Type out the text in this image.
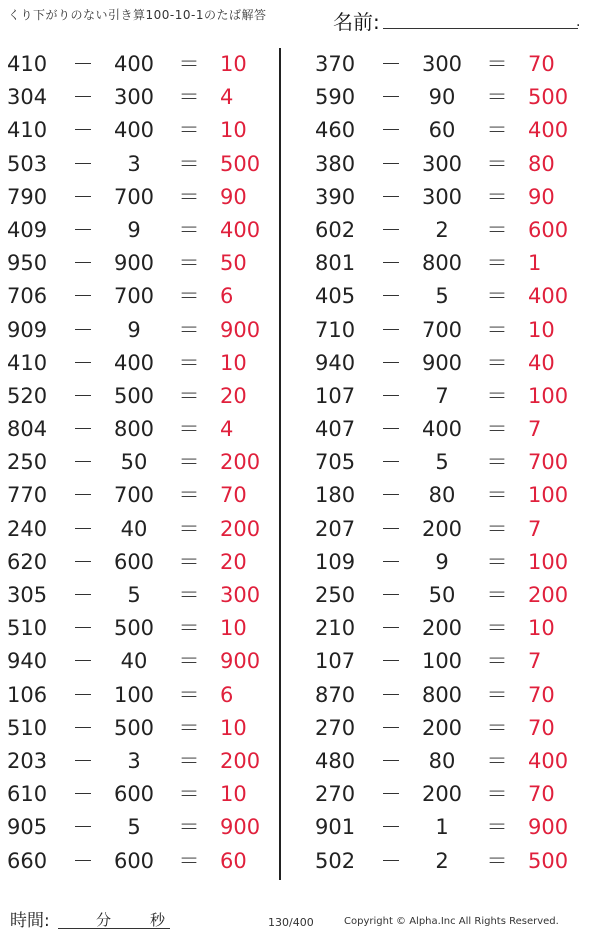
くり下がりのない引き算100-10-1のたば解答	名前:	.
410	－ 400	＝ 10
304	－ 300	＝ 4
410	－ 400	＝ 10
503	－	3	＝ 500
790	－ 700	＝ 90
409	－	9	＝ 400
950	－ 900	＝ 50
706	－ 700	＝ 6
909	－	9	＝ 900
410	－ 400	＝ 10
520	－ 500	＝ 20
804	－ 800	＝ 4
250	－	50	＝ 200
770	－ 700	＝ 70
240	－	40	＝ 200
620	－ 600	＝ 20
305	－	5	＝ 300
510	－ 500	＝ 10
940	－	40	＝ 900
106	－ 100	＝ 6
510	－ 500	＝ 10
203	－	3	＝ 200
610	－ 600	＝ 10
905	－	5	＝ 900
660	－ 600	＝ 60
370	－ 300	＝ 70
590	－	90	＝ 500
460	－	60	＝ 400
380	－ 300	＝ 80
390	－ 300	＝ 90
602	－	2	＝ 600
801	－ 800	＝ 1
405	－	5	＝ 400
710	－ 700	＝ 10
940	－ 900	＝ 40
107	－	7	＝ 100
407	－ 400	＝ 7
705	－	5	＝ 700
180	－	80	＝ 100
207	－ 200	＝ 7
109	－	9	＝ 100
250	－	50	＝ 200
210	－ 200	＝ 10
107	－ 100	＝ 7
870	－ 800	＝ 70
270	－ 200	＝ 70
480	－	80	＝ 400
270	－ 200	＝ 70
901	－	1	＝ 900
502	－	2	＝ 500
時間:	分	秒	130/400	Copyright © Alpha.Inc All Rights Reserved.
